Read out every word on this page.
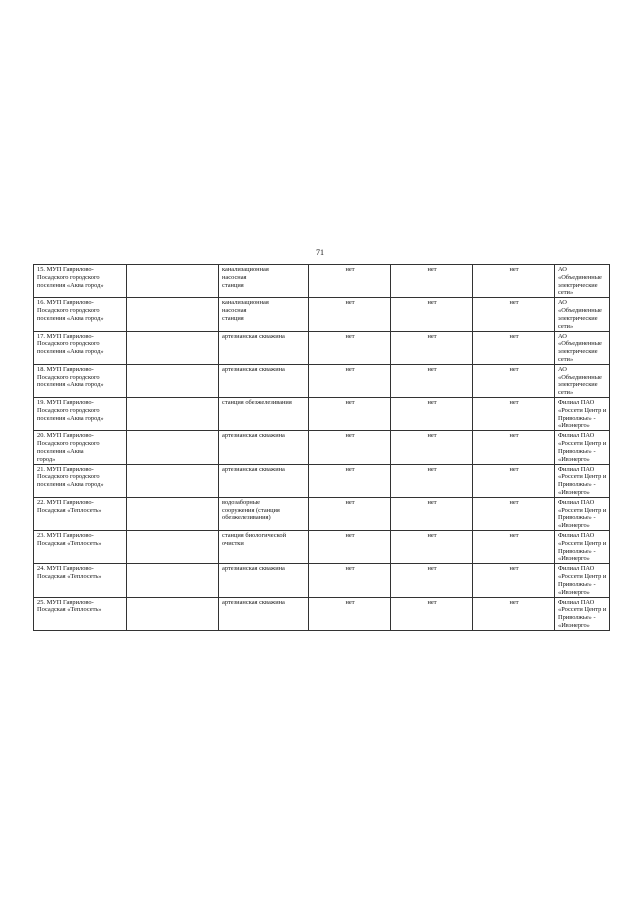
71
15. МУП Гаврилово-
Посадского городского
поселения «Аква город»		канализационная
насосная
станция	нет	нет	нет	АО
«Объединенные
электрические
сети»

16. МУП Гаврилово-
Посадского городского
поселения «Аква город»		канализационная
насосная
станция	нет	нет	нет	АО
«Объединенные
электрические
сети»

17. МУП Гаврилово-
Посадского городского
поселения «Аква город»		артезианская скважина	нет	нет	нет	АО
«Объединенные
электрические
сети»

18. МУП Гаврилово-
Посадского городского
поселения «Аква город»		артезианская скважина	нет	нет	нет	АО
«Объединенные
электрические
сети»

19. МУП Гаврилово-
Посадского городского
поселения «Аква город»		станция обезжелезивания	нет	нет	нет	Филиал ПАО
«Россети Центр и
Приволжье» -
«Ивэнерго»

20. МУП Гаврилово-
Посадского городского
поселения «Аква
город»		артезианская скважина	нет	нет	нет	Филиал ПАО
«Россети Центр и
Приволжье» -
«Ивэнерго»

21. МУП Гаврилово-
Посадского городского
поселения «Аква город»		артезианская скважина	нет	нет	нет	Филиал ПАО
«Россети Центр и
Приволжье» -
«Ивэнерго»

22. МУП Гаврилово-
Посадская «Теплосеть»		водозаборные
сооружения (станция
обезжелезивания)	нет	нет	нет	Филиал ПАО
«Россети Центр и
Приволжье» -
«Ивэнерго»

23. МУП Гаврилово-
Посадская «Теплосеть»		станция биологической
очистки	нет	нет	нет	Филиал ПАО
«Россети Центр и
Приволжье» -
«Ивэнерго»

24. МУП Гаврилово-
Посадская «Теплосеть»		артезианская скважина	нет	нет	нет	Филиал ПАО
«Россети Центр и
Приволжье» -
«Ивэнерго»

25. МУП Гаврилово-
Посадская «Теплосеть»		артезианская скважина	нет	нет	нет	Филиал ПАО
«Россети Центр и
Приволжье» -
«Ивэнерго»
